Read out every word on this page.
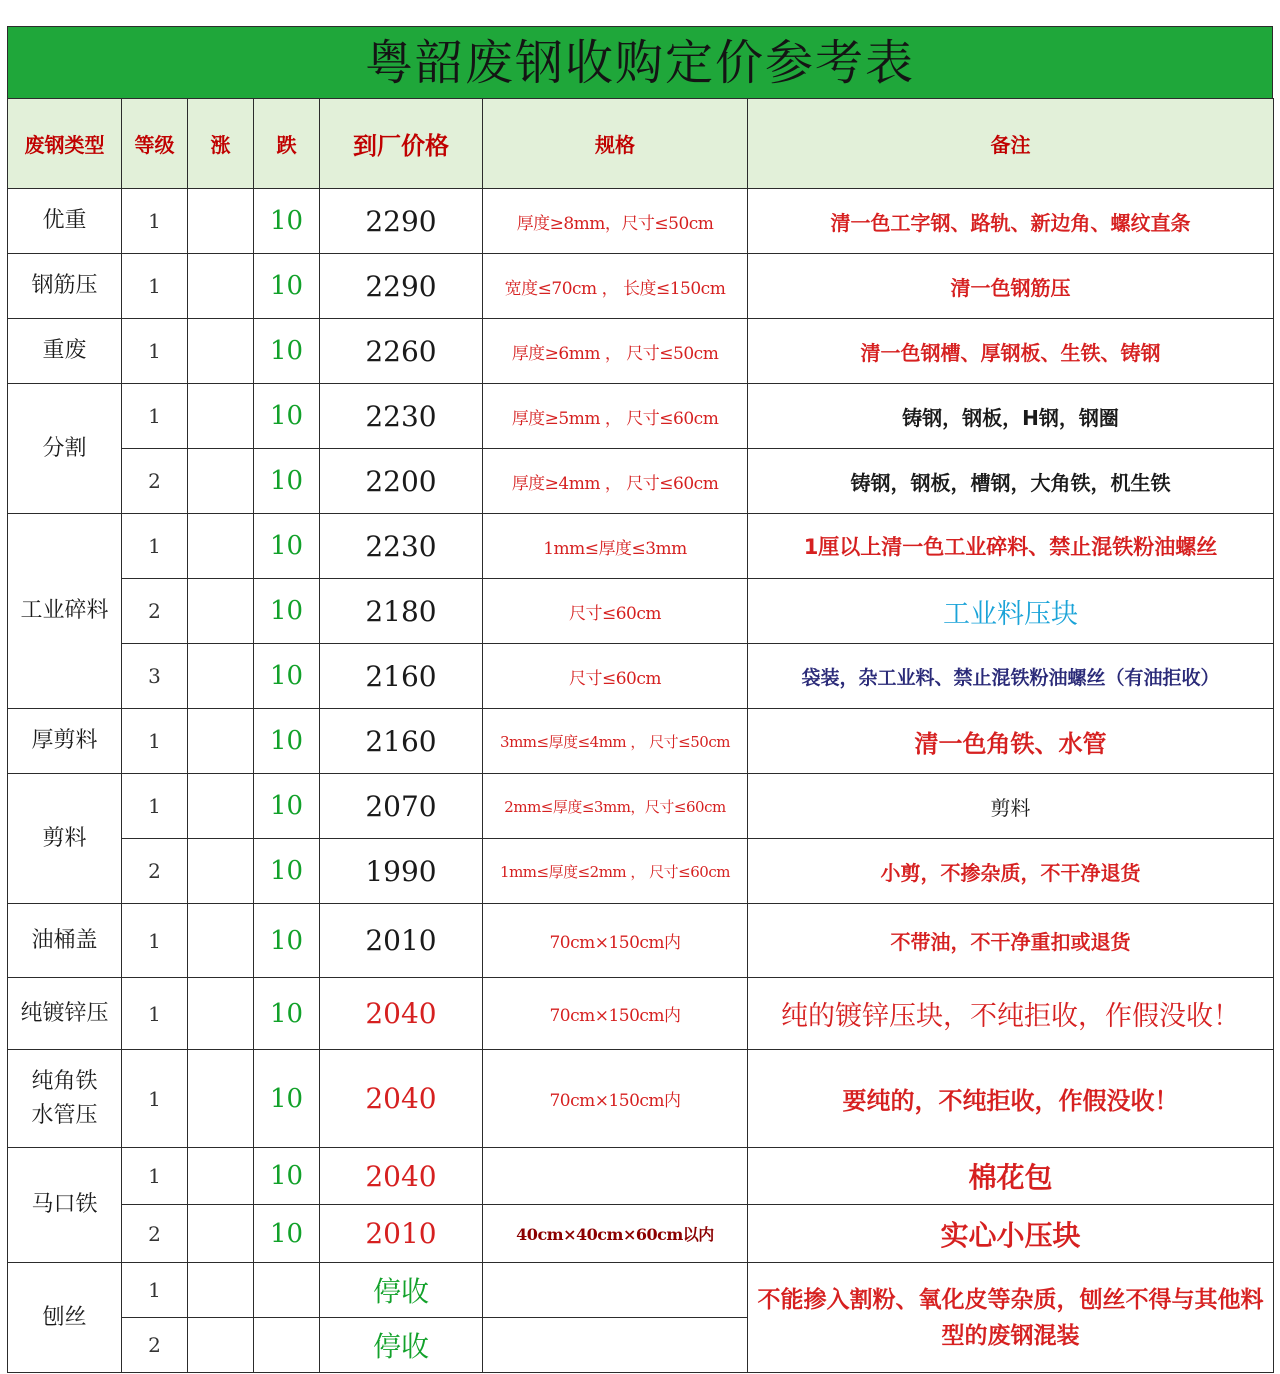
粤韶废钢收购定价参考表
废钢类型	等级	涨	跌	到厂价格	规格	备注
优重	1		10	2290	厚度≥8mm，尺寸≤50cm	清一色工字钢、路轨、新边角、螺纹直条
钢筋压	1		10	2290	宽度≤70cm ， 长度≤150cm	清一色钢筋压
重废	1		10	2260	厚度≥6mm ， 尺寸≤50cm	清一色钢槽、厚钢板、生铁、铸钢
分割	1		10	2230	厚度≥5mm ， 尺寸≤60cm	铸钢，钢板，H钢，钢圈
	2		10	2200	厚度≥4mm ， 尺寸≤60cm	铸钢，钢板，槽钢，大角铁，机生铁
工业碎料	1		10	2230	1mm≤厚度≤3mm	1厘以上清一色工业碎料、禁止混铁粉油螺丝
	2		10	2180	尺寸≤60cm	工业料压块
	3		10	2160	尺寸≤60cm	袋装，杂工业料、禁止混铁粉油螺丝（有油拒收）
厚剪料	1		10	2160	3mm≤厚度≤4mm ， 尺寸≤50cm	清一色角铁、水管
剪料	1		10	2070	2mm≤厚度≤3mm，尺寸≤60cm	剪料
	2		10	1990	1mm≤厚度≤2mm ， 尺寸≤60cm	小剪，不掺杂质，不干净退货
油桶盖	1		10	2010	70cm×150cm内	不带油，不干净重扣或退货
纯镀锌压	1		10	2040	70cm×150cm内	纯的镀锌压块，不纯拒收，作假没收！

纯角铁
水管压	1		10	2040	70cm×150cm内	要纯的，不纯拒收，作假没收！
马口铁	1		10	2040		棉花包
	2		10	2010	40cm×40cm×60cm以内	实心小压块
刨丝	1			停收		不能掺入割粉、氧化皮等杂质，刨丝不得与其他料型的废钢混装
	2			停收		
